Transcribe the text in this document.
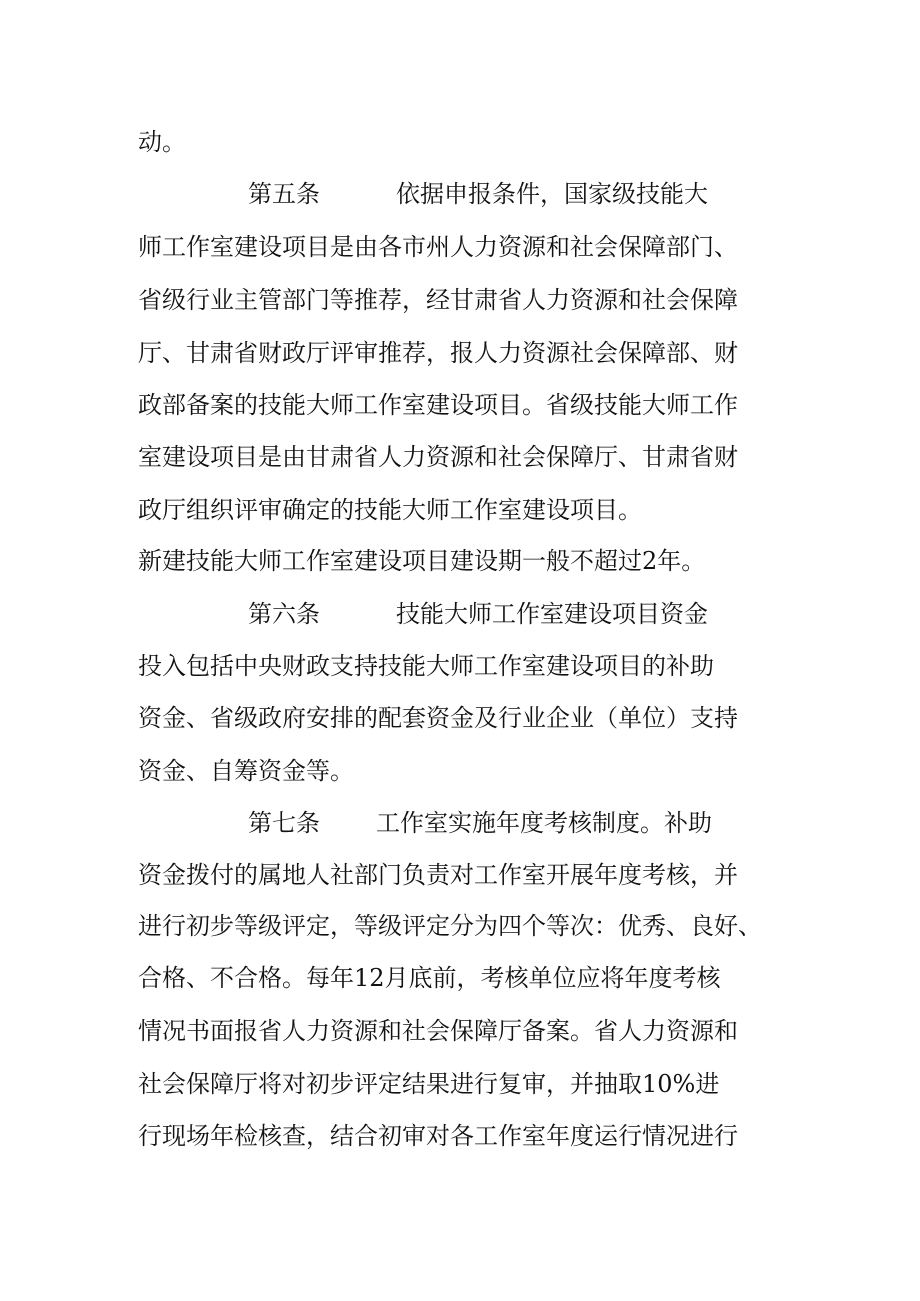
动。
第五条	依据申报条件，国家级技能大
师工作室建设项目是由各市州人力资源和社会保障部门、
省级行业主管部门等推荐，经甘肃省人力资源和社会保障
厅、甘肃省财政厅评审推荐，报人力资源社会保障部、财
政部备案的技能大师工作室建设项目。省级技能大师工作
室建设项目是由甘肃省人力资源和社会保障厅、甘肃省财
政厅组织评审确定的技能大师工作室建设项目。
新建技能大师工作室建设项目建设期一般不超过2年。
第六条	技能大师工作室建设项目资金
投入包括中央财政支持技能大师工作室建设项目的补助
资金、省级政府安排的配套资金及行业企业（单位）支持
资金、自筹资金等。
第七条 工作室实施年度考核制度。补助
资金拨付的属地人社部门负责对工作室开展年度考核，并
进行初步等级评定，等级评定分为四个等次：优秀、良好、
合格、不合格。每年12月底前，考核单位应将年度考核
情况书面报省人力资源和社会保障厅备案。省人力资源和
社会保障厅将对初步评定结果进行复审，并抽取10%进
行现场年检核查，结合初审对各工作室年度运行情况进行
